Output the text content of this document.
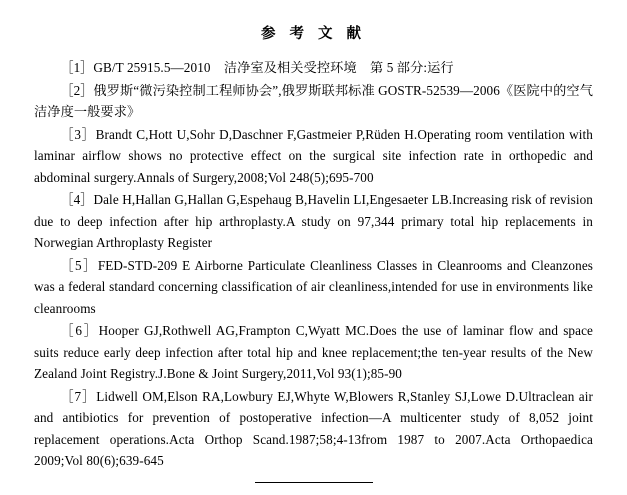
参 考 文 献
［1］GB/T 25915.5—2010　洁净室及相关受控环境　第 5 部分:运行
［2］俄罗斯“微污染控制工程师协会”,俄罗斯联邦标准 GOSTR-52539—2006《医院中的空气洁净度一般要求》
［3］Brandt C,Hott U,Sohr D,Daschner F,Gastmeier P,Rüden H.Operating room ventilation with laminar airflow shows no protective effect on the surgical site infection rate in orthopedic and abdominal surgery.Annals of Surgery,2008;Vol 248(5);695-700
［4］Dale H,Hallan G,Hallan G,Espehaug B,Havelin LI,Engesaeter LB.Increasing risk of revision due to deep infection after hip arthroplasty.A study on 97,344 primary total hip replacements in Norwegian Arthroplasty Register
［5］FED-STD-209 E Airborne Particulate Cleanliness Classes in Cleanrooms and Cleanzones was a federal standard concerning classification of air cleanliness,intended for use in environments like cleanrooms
［6］Hooper GJ,Rothwell AG,Frampton C,Wyatt MC.Does the use of laminar flow and space suits reduce early deep infection after total hip and knee replacement;the ten-year results of the New Zealand Joint Registry.J.Bone & Joint Surgery,2011,Vol 93(1);85-90
［7］Lidwell OM,Elson RA,Lowbury EJ,Whyte W,Blowers R,Stanley SJ,Lowe D.Ultraclean air and antibiotics for prevention of postoperative infection—A multicenter study of 8,052 joint replacement operations.Acta Orthop Scand.1987;58;4-13from 1987 to 2007.Acta Orthopaedica 2009;Vol 80(6);639-645
